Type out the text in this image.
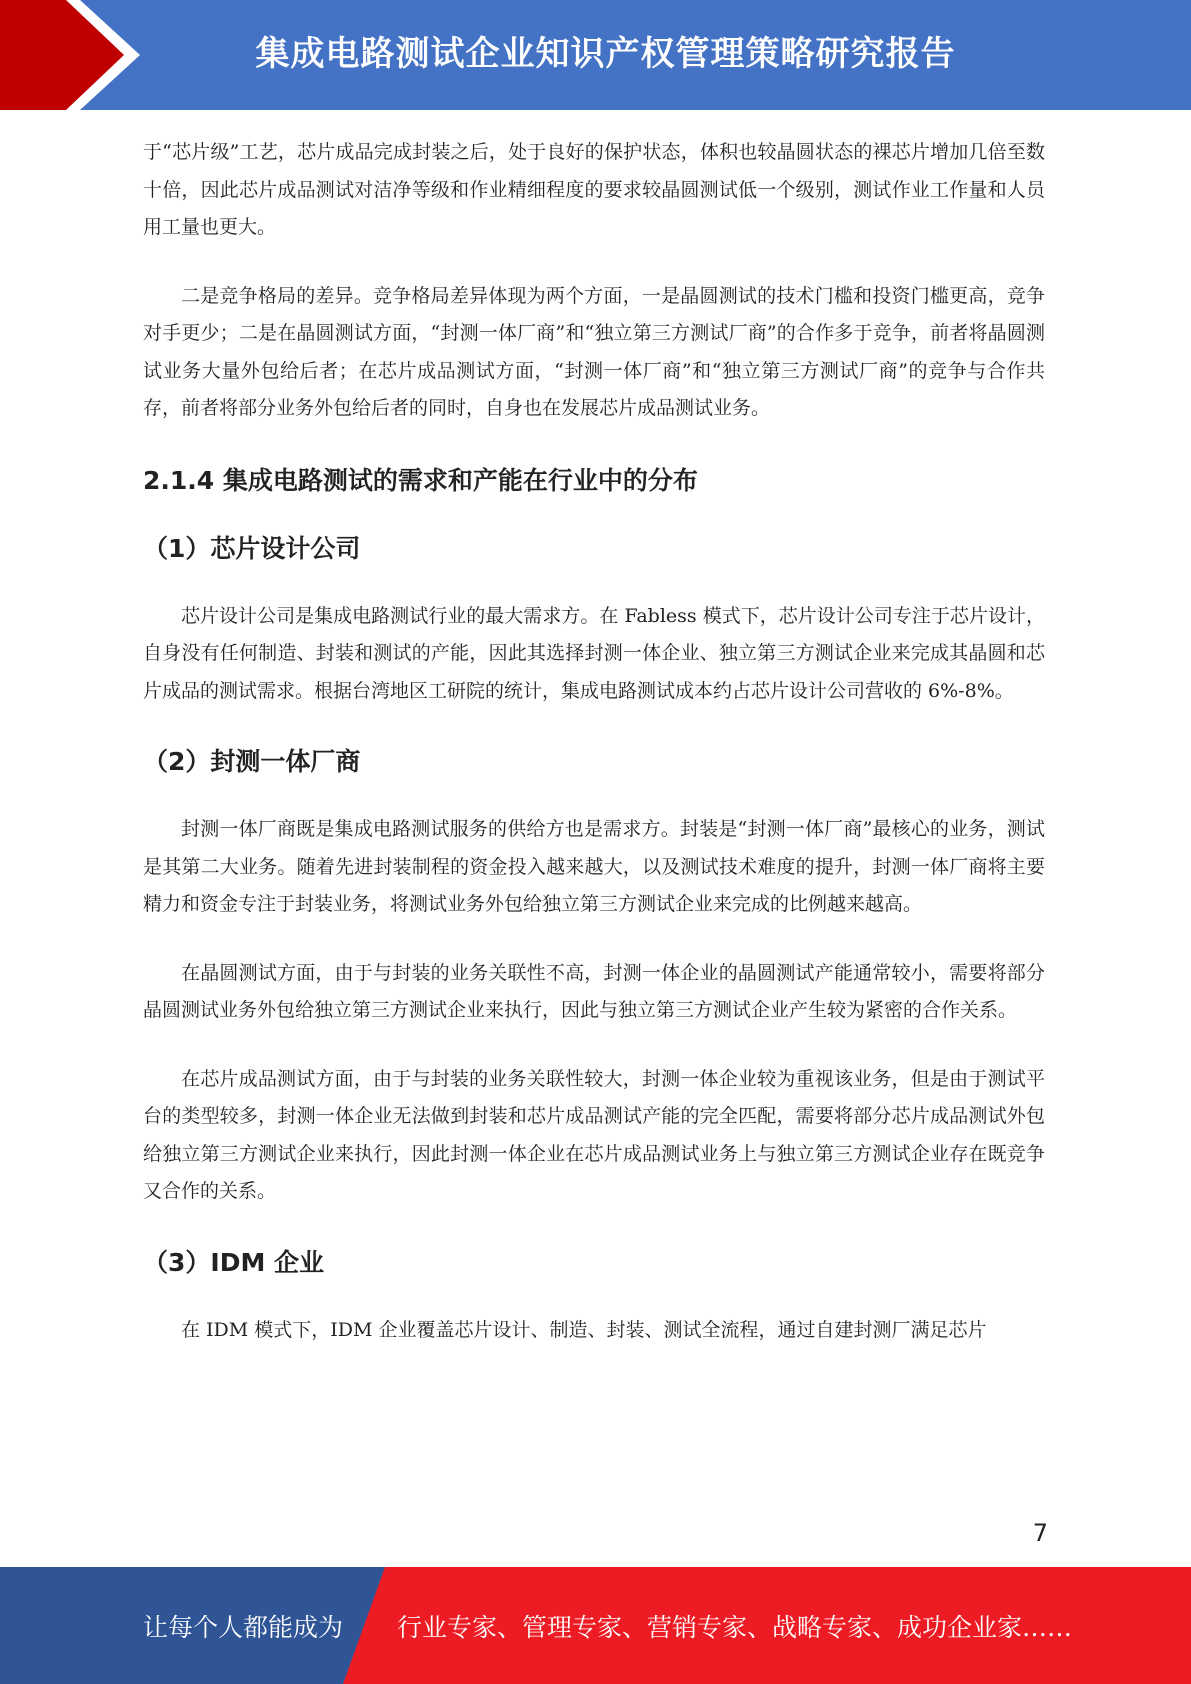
集成电路测试企业知识产权管理策略研究报告

于“芯片级”工艺，芯片成品完成封装之后，处于良好的保护状态，体积也较晶圆状态的裸芯片增加几倍至数十倍，因此芯片成品测试对洁净等级和作业精细程度的要求较晶圆测试低一个级别，测试作业工作量和人员用工量也更大。

二是竞争格局的差异。竞争格局差异体现为两个方面，一是晶圆测试的技术门槛和投资门槛更高，竞争对手更少；二是在晶圆测试方面，“封测一体厂商”和“独立第三方测试厂商”的合作多于竞争，前者将晶圆测试业务大量外包给后者；在芯片成品测试方面，“封测一体厂商”和“独立第三方测试厂商”的竞争与合作共存，前者将部分业务外包给后者的同时，自身也在发展芯片成品测试业务。

2.1.4 集成电路测试的需求和产能在行业中的分布
（1）芯片设计公司

芯片设计公司是集成电路测试行业的最大需求方。在 Fabless 模式下，芯片设计公司专注于芯片设计，自身没有任何制造、封装和测试的产能，因此其选择封测一体企业、独立第三方测试企业来完成其晶圆和芯片成品的测试需求。根据台湾地区工研院的统计，集成电路测试成本约占芯片设计公司营收的 6%-8%。

（2）封测一体厂商

封测一体厂商既是集成电路测试服务的供给方也是需求方。封装是“封测一体厂商”最核心的业务，测试是其第二大业务。随着先进封装制程的资金投入越来越大，以及测试技术难度的提升，封测一体厂商将主要精力和资金专注于封装业务，将测试业务外包给独立第三方测试企业来完成的比例越来越高。

在晶圆测试方面，由于与封装的业务关联性不高，封测一体企业的晶圆测试产能通常较小，需要将部分晶圆测试业务外包给独立第三方测试企业来执行，因此与独立第三方测试企业产生较为紧密的合作关系。

在芯片成品测试方面，由于与封装的业务关联性较大，封测一体企业较为重视该业务，但是由于测试平台的类型较多，封测一体企业无法做到封装和芯片成品测试产能的完全匹配，需要将部分芯片成品测试外包给独立第三方测试企业来执行，因此封测一体企业在芯片成品测试业务上与独立第三方测试企业存在既竞争又合作的关系。

（3）IDM 企业

在 IDM 模式下，IDM 企业覆盖芯片设计、制造、封装、测试全流程，通过自建封测厂满足芯片

7
让每个人都能成为 行业专家、管理专家、营销专家、战略专家、成功企业家……
